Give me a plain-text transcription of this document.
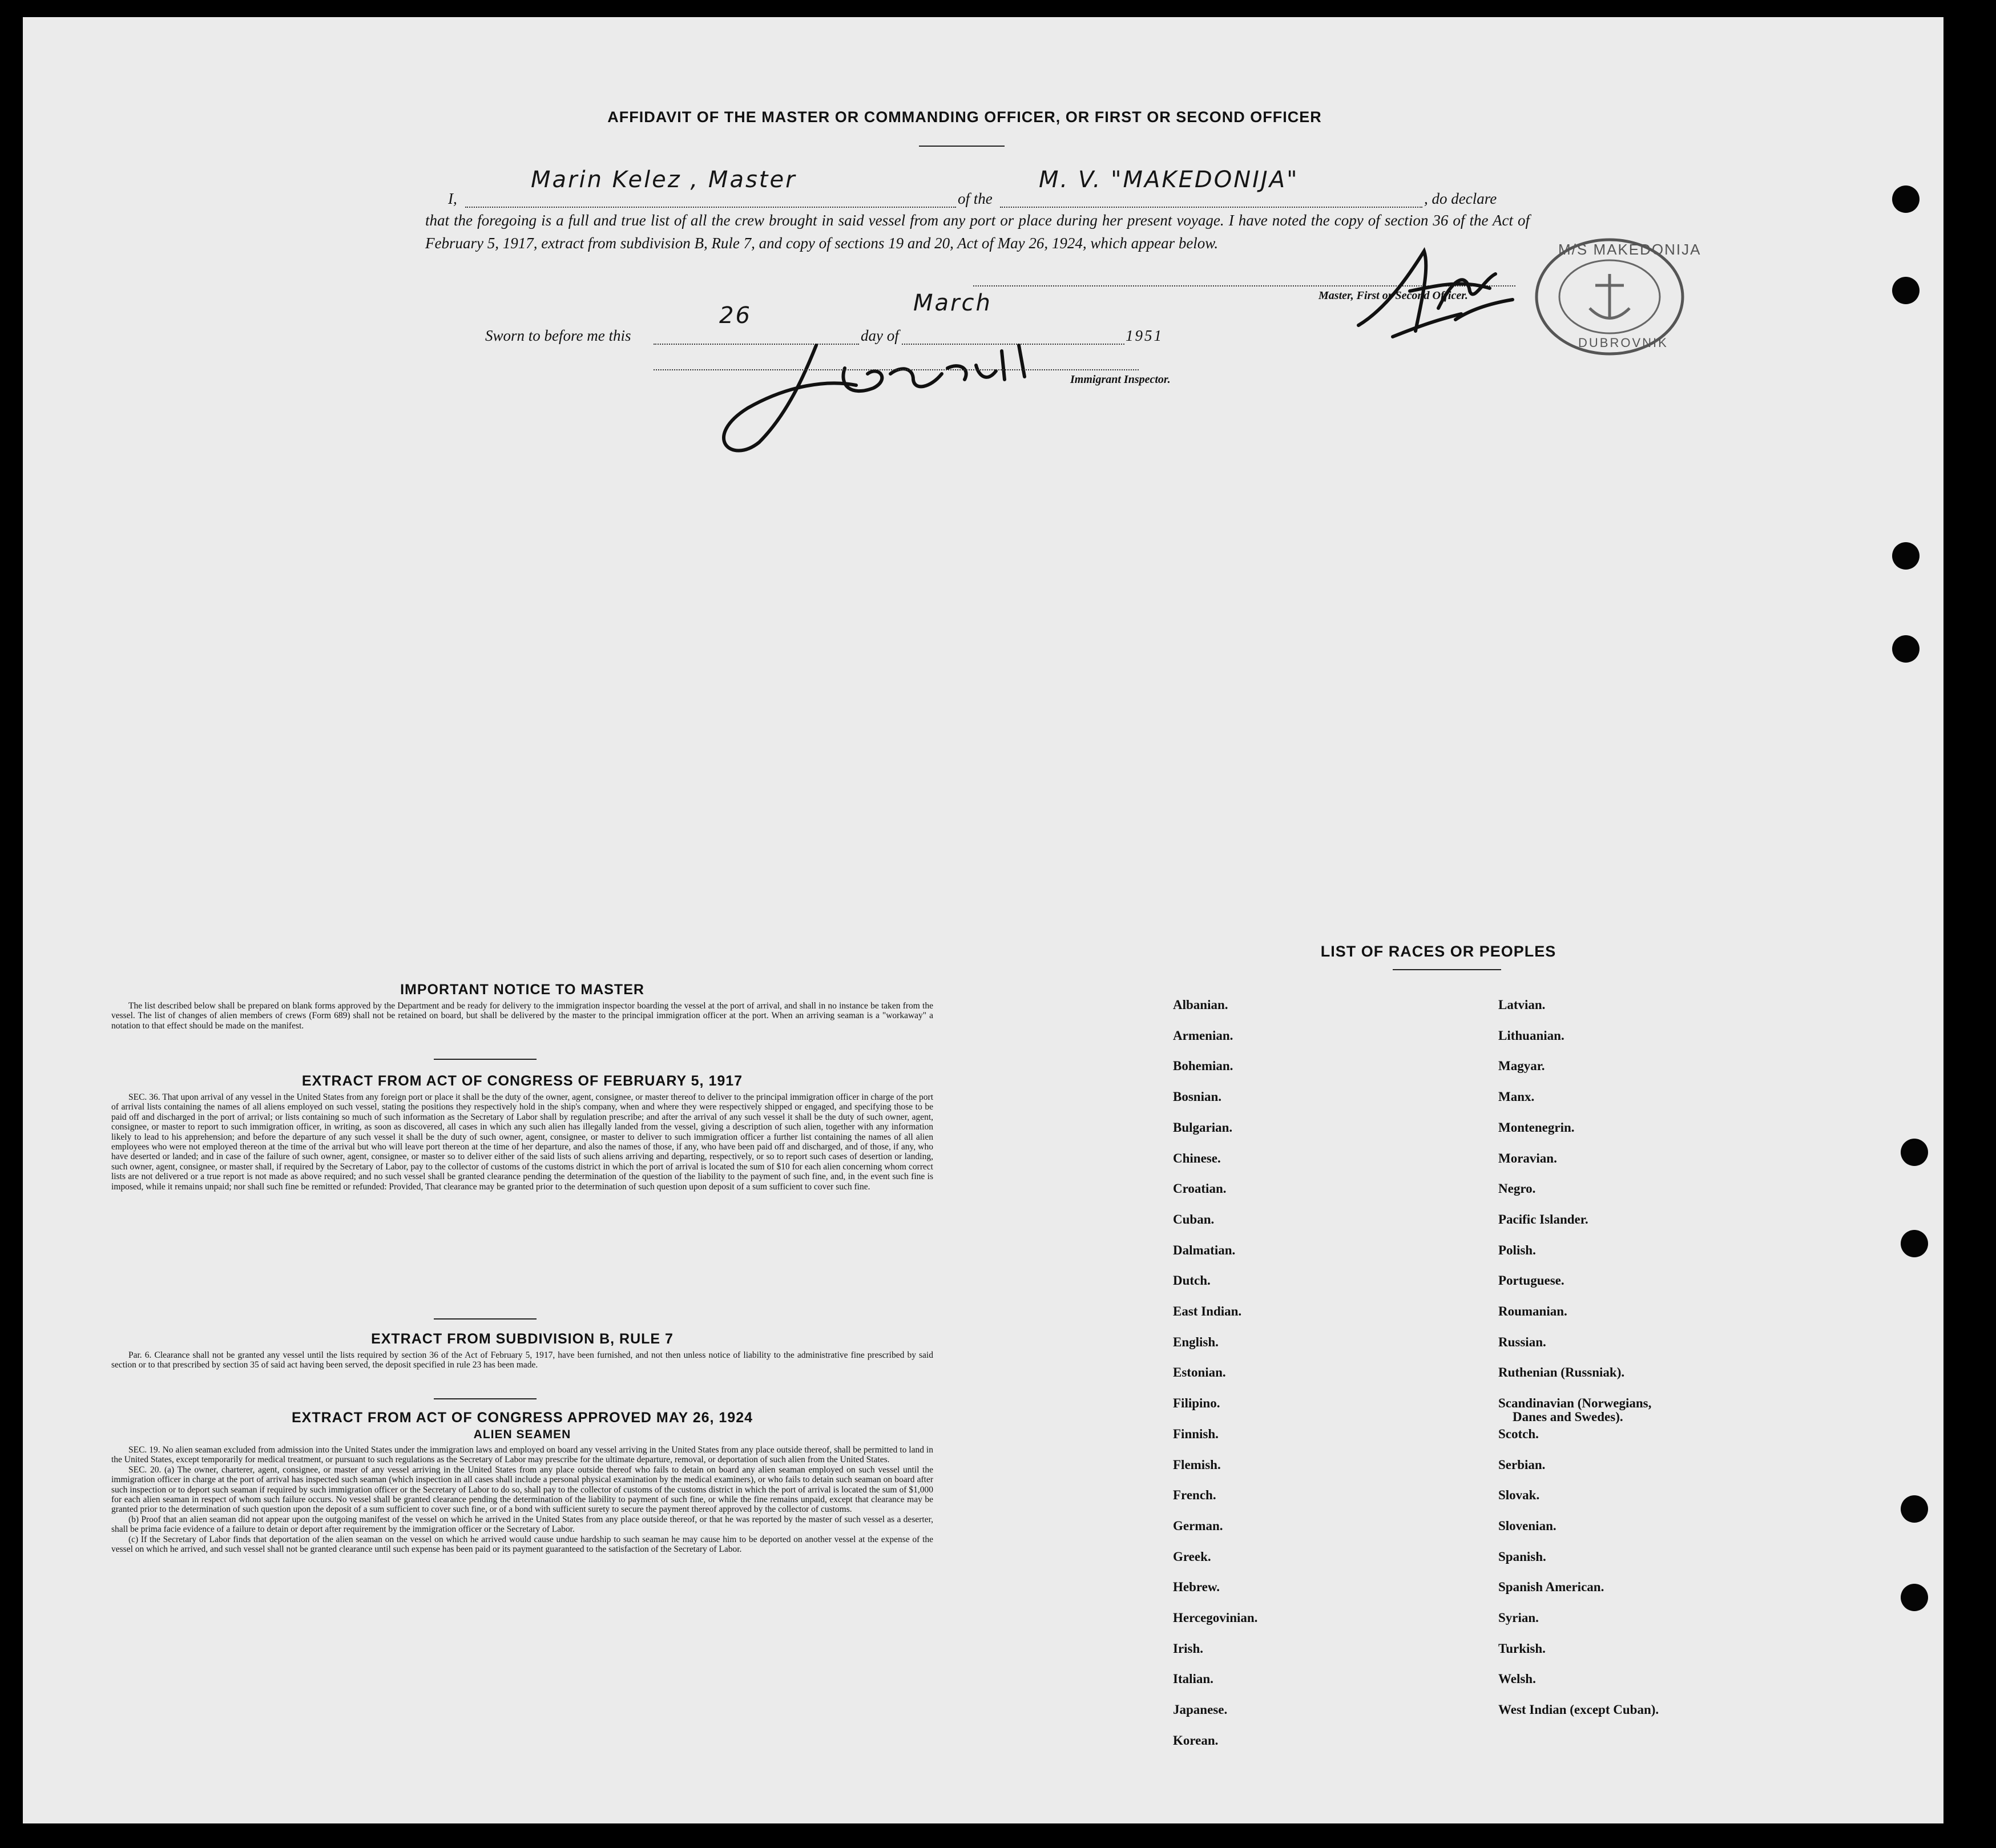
AFFIDAVIT OF THE MASTER OR COMMANDING OFFICER, OR FIRST OR SECOND OFFICER
I,
Marin Kelez , Master
of the
M. V. "MAKEDONIJA"
, do declare
that the foregoing is a full and true list of all the crew brought in said vessel from any port or place during her present voyage. I have noted the copy of section 36 of the Act of February 5, 1917, extract from subdivision B, Rule 7, and copy of sections 19 and 20, Act of May 26, 1924, which appear below.
Master, First or Second Officer.
M/S MAKEDONIJA
DUBROVNIK
Sworn to before me this
26
day of
March
1951
Immigrant Inspector.
IMPORTANT NOTICE TO MASTER

The list described below shall be prepared on blank forms approved by the Department and be ready for delivery to the immigration inspector boarding the vessel at the port of arrival, and shall in no instance be taken from the vessel. The list of changes of alien members of crews (Form 689) shall not be retained on board, but shall be delivered by the master to the principal immigration officer at the port. When an arriving seaman is a "workaway" a notation to that effect should be made on the manifest.

EXTRACT FROM ACT OF CONGRESS OF FEBRUARY 5, 1917

SEC. 36. That upon arrival of any vessel in the United States from any foreign port or place it shall be the duty of the owner, agent, consignee, or master thereof to deliver to the principal immigration officer in charge of the port of arrival lists containing the names of all aliens employed on such vessel, stating the positions they respectively hold in the ship's company, when and where they were respectively shipped or engaged, and specifying those to be paid off and discharged in the port of arrival; or lists containing so much of such information as the Secretary of Labor shall by regulation prescribe; and after the arrival of any such vessel it shall be the duty of such owner, agent, consignee, or master to report to such immigration officer, in writing, as soon as discovered, all cases in which any such alien has illegally landed from the vessel, giving a description of such alien, together with any information likely to lead to his apprehension; and before the departure of any such vessel it shall be the duty of such owner, agent, consignee, or master to deliver to such immigration officer a further list containing the names of all alien employees who were not employed thereon at the time of the arrival but who will leave port thereon at the time of her departure, and also the names of those, if any, who have been paid off and discharged, and of those, if any, who have deserted or landed; and in case of the failure of such owner, agent, consignee, or master so to deliver either of the said lists of such aliens arriving and departing, respectively, or so to report such cases of desertion or landing, such owner, agent, consignee, or master shall, if required by the Secretary of Labor, pay to the collector of customs of the customs district in which the port of arrival is located the sum of $10 for each alien concerning whom correct lists are not delivered or a true report is not made as above required; and no such vessel shall be granted clearance pending the determination of the question of the liability to the payment of such fine, and, in the event such fine is imposed, while it remains unpaid; nor shall such fine be remitted or refunded: Provided, That clearance may be granted prior to the determination of such question upon deposit of a sum sufficient to cover such fine.

EXTRACT FROM SUBDIVISION B, RULE 7

Par. 6. Clearance shall not be granted any vessel until the lists required by section 36 of the Act of February 5, 1917, have been furnished, and not then unless notice of liability to the administrative fine prescribed by said section or to that prescribed by section 35 of said act having been served, the deposit specified in rule 23 has been made.

EXTRACT FROM ACT OF CONGRESS APPROVED MAY 26, 1924
ALIEN SEAMEN

SEC. 19. No alien seaman excluded from admission into the United States under the immigration laws and employed on board any vessel arriving in the United States from any place outside thereof, shall be permitted to land in the United States, except temporarily for medical treatment, or pursuant to such regulations as the Secretary of Labor may prescribe for the ultimate departure, removal, or deportation of such alien from the United States.

SEC. 20. (a) The owner, charterer, agent, consignee, or master of any vessel arriving in the United States from any place outside thereof who fails to detain on board any alien seaman employed on such vessel until the immigration officer in charge at the port of arrival has inspected such seaman (which inspection in all cases shall include a personal physical examination by the medical examiners), or who fails to detain such seaman on board after such inspection or to deport such seaman if required by such immigration officer or the Secretary of Labor to do so, shall pay to the collector of customs of the customs district in which the port of arrival is located the sum of $1,000 for each alien seaman in respect of whom such failure occurs. No vessel shall be granted clearance pending the determination of the liability to payment of such fine, or while the fine remains unpaid, except that clearance may be granted prior to the determination of such question upon the deposit of a sum sufficient to cover such fine, or of a bond with sufficient surety to secure the payment thereof approved by the collector of customs.

(b) Proof that an alien seaman did not appear upon the outgoing manifest of the vessel on which he arrived in the United States from any place outside thereof, or that he was reported by the master of such vessel as a deserter, shall be prima facie evidence of a failure to detain or deport after requirement by the immigration officer or the Secretary of Labor.

(c) If the Secretary of Labor finds that deportation of the alien seaman on the vessel on which he arrived would cause undue hardship to such seaman he may cause him to be deported on another vessel at the expense of the vessel on which he arrived, and such vessel shall not be granted clearance until such expense has been paid or its payment guaranteed to the satisfaction of the Secretary of Labor.

LIST OF RACES OR PEOPLES
Albanian.
Armenian.
Bohemian.
Bosnian.
Bulgarian.
Chinese.
Croatian.
Cuban.
Dalmatian.
Dutch.
East Indian.
English.
Estonian.
Filipino.
Finnish.
Flemish.
French.
German.
Greek.
Hebrew.
Hercegovinian.
Irish.
Italian.
Japanese.
Korean.
Latvian.
Lithuanian.
Magyar.
Manx.
Montenegrin.
Moravian.
Negro.
Pacific Islander.
Polish.
Portuguese.
Roumanian.
Russian.
Ruthenian (Russniak).
Scandinavian (Norwegians,
Danes and Swedes).
Scotch.
Serbian.
Slovak.
Slovenian.
Spanish.
Spanish American.
Syrian.
Turkish.
Welsh.
West Indian (except Cuban).
